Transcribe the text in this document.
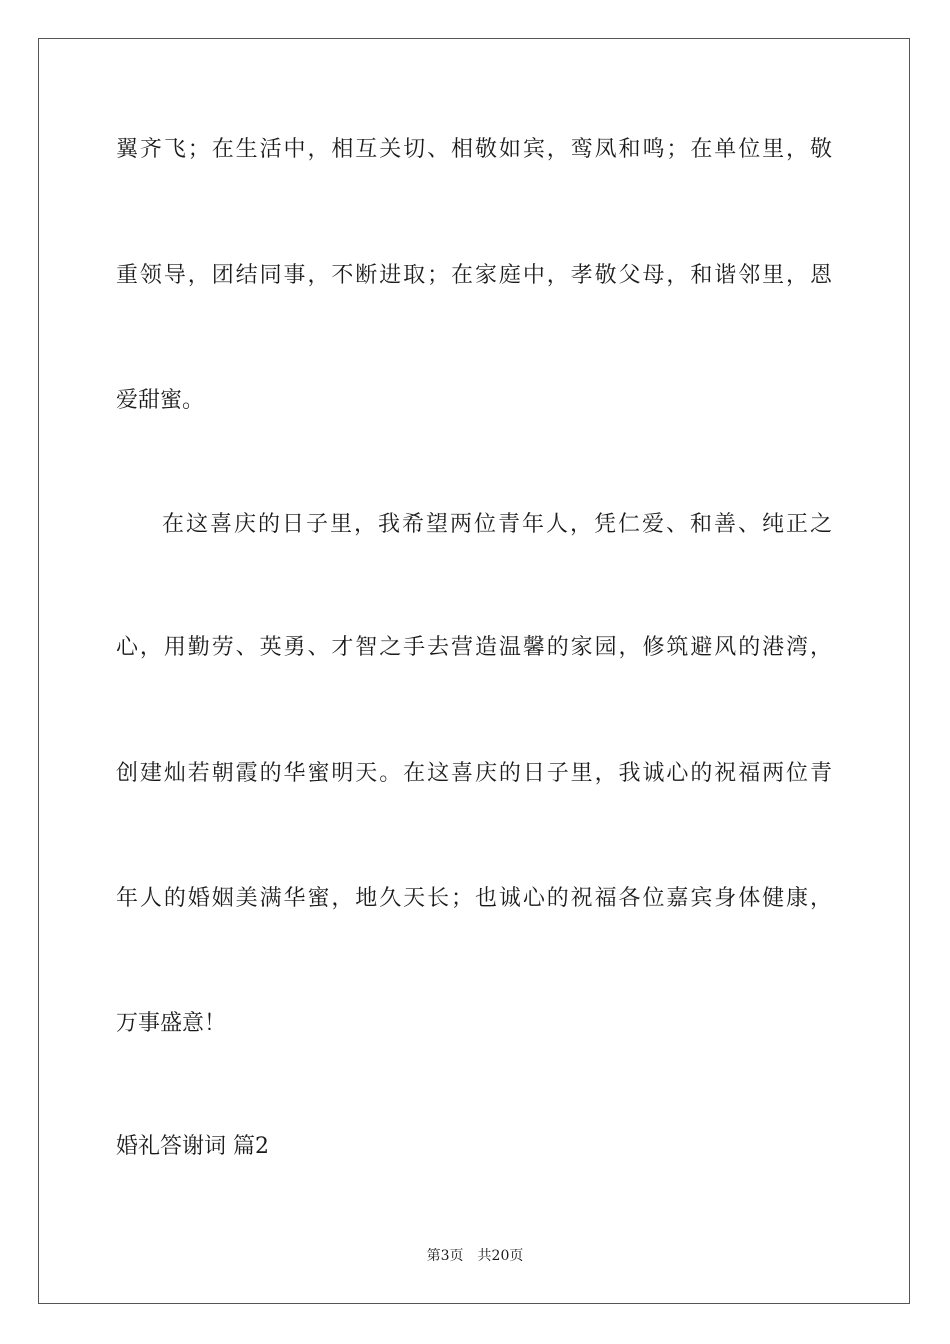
翼齐飞；在生活中，相互关切、相敬如宾，鸾凤和鸣；在单位里，敬
重领导，团结同事，不断进取；在家庭中，孝敬父母，和谐邻里，恩
爱甜蜜。
在这喜庆的日子里，我希望两位青年人，凭仁爱、和善、纯正之
心，用勤劳、英勇、才智之手去营造温馨的家园，修筑避风的港湾，
创建灿若朝霞的华蜜明天。在这喜庆的日子里，我诚心的祝福两位青
年人的婚姻美满华蜜，地久天长；也诚心的祝福各位嘉宾身体健康，
万事盛意！
婚礼答谢词 篇2
第3页 共20页
